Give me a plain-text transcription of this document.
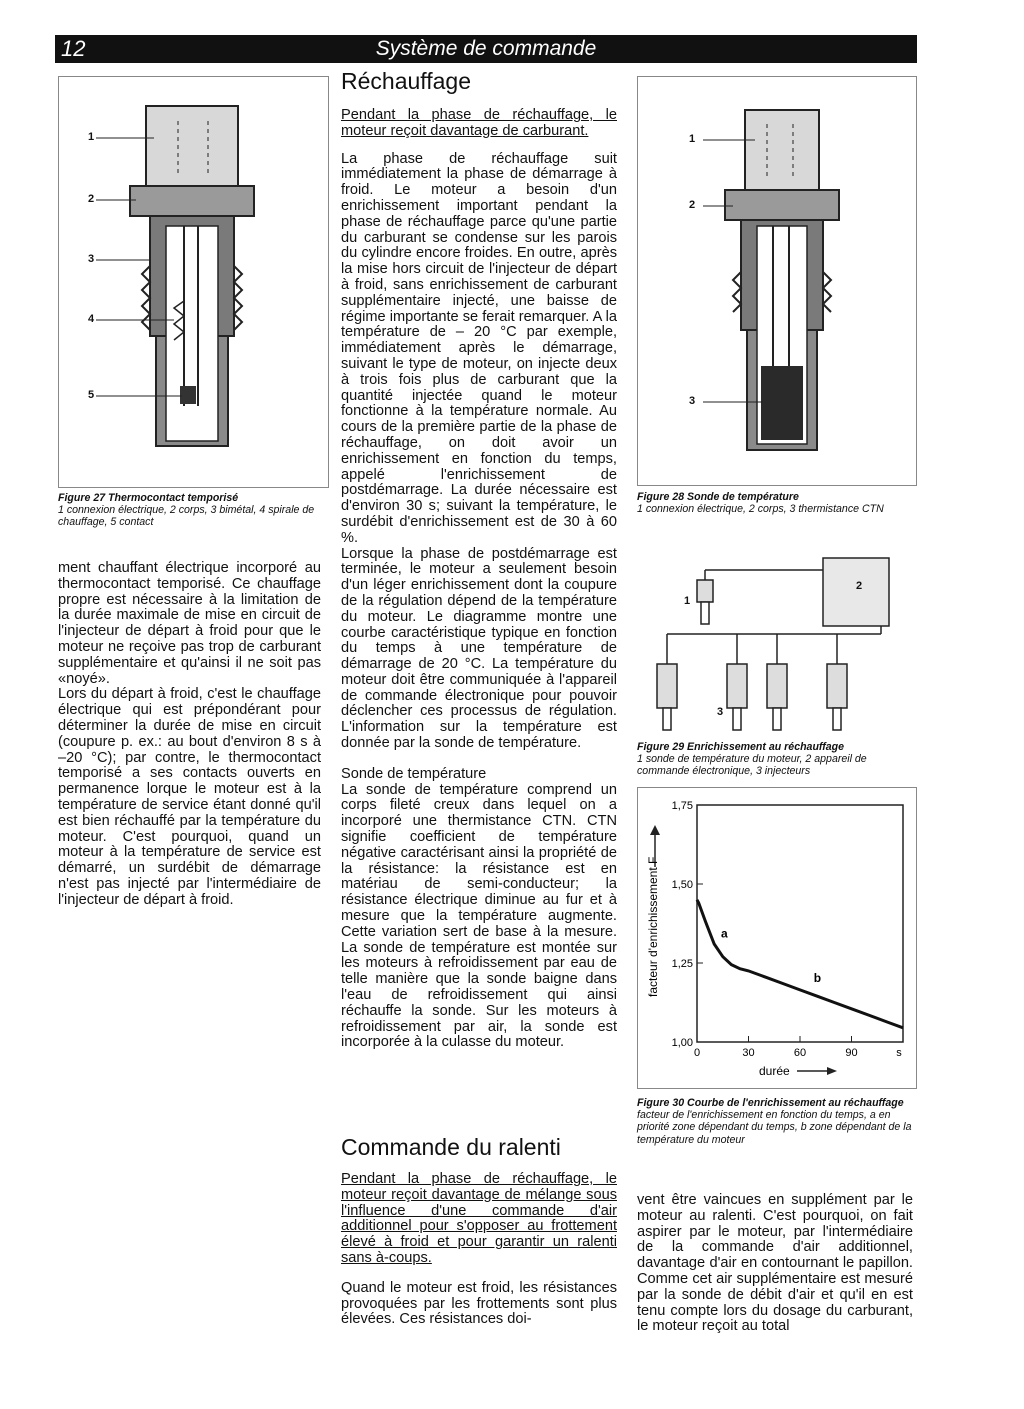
12	Système de commande
1
2
3
4
5
Figure 27 Thermocontact temporisé
1 connexion électrique, 2 corps, 3 bimétal, 4 spirale de chauffage, 5 contact

ment chauffant électrique incorporé au thermocontact temporisé. Ce chauffage propre est nécessaire à la limitation de la durée maximale de mise en circuit de l'injecteur de départ à froid pour que le moteur ne reçoive pas trop de carburant supplémentaire et qu'ainsi il ne soit pas «noyé».

Lors du départ à froid, c'est le chauffage électrique qui est prépondérant pour déterminer la durée de mise en circuit (coupure p. ex.: au bout d'environ 8 s à –20 °C); par contre, le thermocontact temporisé a ses contacts ouverts en permanence lorque le moteur est à la température de service étant donné qu'il est bien réchauffé par la température du moteur. C'est pourquoi, quand un moteur à la température de service est démarré, un surdébit de démarrage n'est pas injecté par l'intermédiaire de l'injecteur de départ à froid.

Réchauffage

Pendant la phase de réchauffage, le moteur reçoit davantage de carburant.

La phase de réchauffage suit immédiatement la phase de démarrage à froid. Le moteur a besoin d'un enrichissement important pendant la phase de réchauffage parce qu'une partie du carburant se condense sur les parois du cylindre encore froides. En outre, après la mise hors circuit de l'injecteur de départ à froid, sans enrichissement de carburant supplémentaire injecté, une baisse de régime importante se ferait remarquer. A la température de – 20 °C par exemple, immédiatement après le démarrage, suivant le type de moteur, on injecte deux à trois fois plus de carburant que la quantité injectée quand le moteur fonctionne à la température normale. Au cours de la première partie de la phase de réchauffage, on doit avoir un enrichissement en fonction du temps, appelé l'enrichissement de postdémarrage. La durée nécessaire est d'environ 30 s; suivant la température, le surdébit d'enrichissement est de 30 à 60 %.

Lorsque la phase de postdémarrage est terminée, le moteur a seulement besoin d'un léger enrichissement dont la coupure de la régulation dépend de la température du moteur. Le diagramme montre une courbe caractéristique typique en fonction du temps à une température de démarrage de 20 °C. La température du moteur doit être communiquée à l'appareil de commande électronique pour pouvoir déclencher ces processus de régulation. L'information sur la température est donnée par la sonde de température.

Sonde de température

La sonde de température comprend un corps fileté creux dans lequel on a incorporé une thermistance CTN. CTN signifie coefficient de température négative caractérisant ainsi la propriété de la résistance: la résistance est en matériau de semi-conducteur; la résistance électrique diminue au fur et à mesure que la température augmente. Cette variation sert de base à la mesure. La sonde de température est montée sur les moteurs à refroidissement par eau de telle manière que la sonde baigne dans l'eau de refroidissement qui ainsi réchauffe la sonde. Sur les moteurs à refroidissement par air, la sonde est incorporée à la culasse du moteur.

Commande du ralenti

Pendant la phase de réchauffage, le moteur reçoit davantage de mélange sous l'influence d'une commande d'air additionnel pour s'opposer au frottement élevé à froid et pour garantir un ralenti sans à-coups.

Quand le moteur est froid, les résistances provoquées par les frottements sont plus élevées. Ces résistances doi-

vent être vaincues en supplément par le moteur au ralenti. C'est pourquoi, on fait aspirer par le moteur, par l'intermédiaire de la commande d'air additionnel, davantage d'air en contournant le papillon. Comme cet air supplémentaire est mesuré par la sonde de débit d'air et qu'il en est tenu compte lors du dosage du carburant, le moteur reçoit au total

1
2
3
Figure 28 Sonde de température
1 connexion électrique, 2 corps, 3 thermistance CTN
1
2
3
Figure 29 Enrichissement au réchauffage
1 sonde de température du moteur, 2 appareil de commande électronique, 3 injecteurs
1,00
1,25
1,50
1,75
0	30	60	90	s
facteur d'enrichissement F
durée
a
b
Figure 30 Courbe de l'enrichissement au réchauffage
facteur de l'enrichissement en fonction du temps, a en priorité zone dépendant du temps, b zone dépendant de la température du moteur
